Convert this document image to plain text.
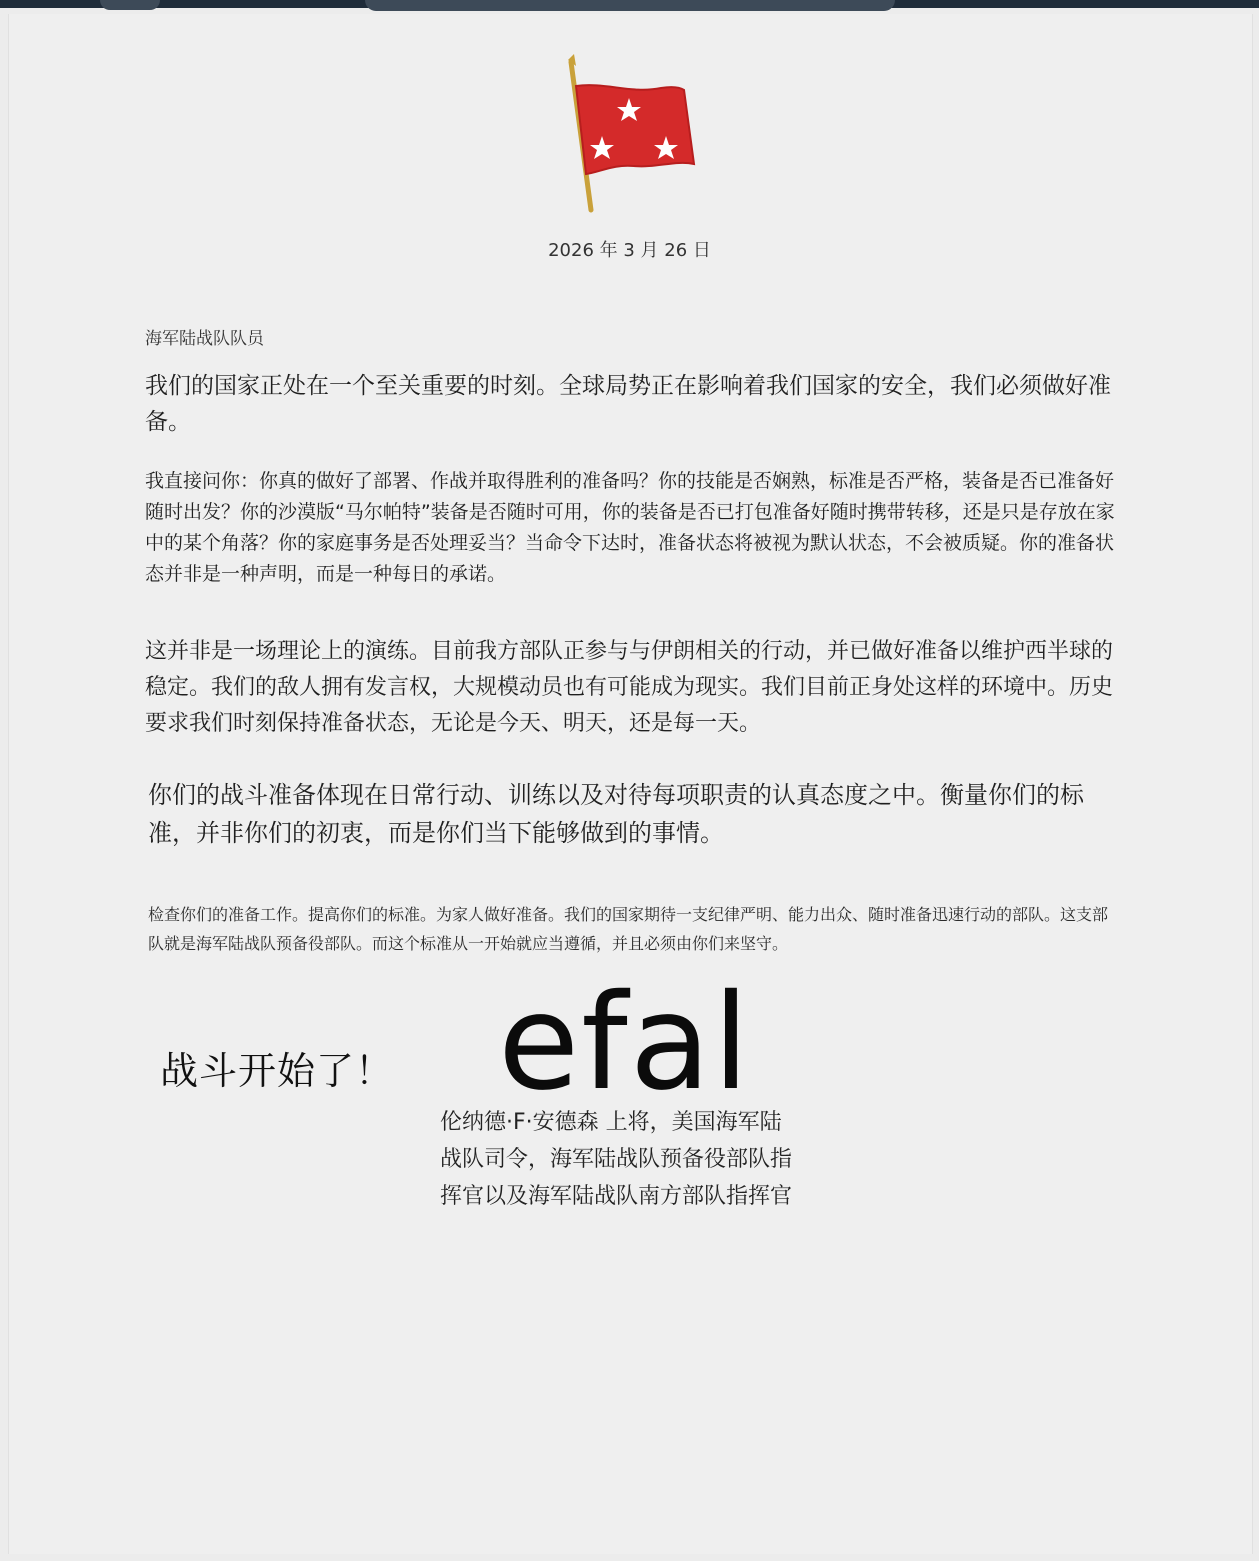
2026 年 3 月 26 日
海军陆战队队员

我们的国家正处在一个至关重要的时刻。全球局势正在影响着我们国家的安全，我们必须做好准备。

我直接问你：你真的做好了部署、作战并取得胜利的准备吗？你的技能是否娴熟，标准是否严格，装备是否已准备好随时出发？你的沙漠版“马尔帕特”装备是否随时可用，你的装备是否已打包准备好随时携带转移，还是只是存放在家中的某个角落？你的家庭事务是否处理妥当？当命令下达时，准备状态将被视为默认状态，不会被质疑。你的准备状态并非是一种声明，而是一种每日的承诺。

这并非是一场理论上的演练。目前我方部队正参与与伊朗相关的行动，并已做好准备以维护西半球的稳定。我们的敌人拥有发言权，大规模动员也有可能成为现实。我们目前正身处这样的环境中。历史要求我们时刻保持准备状态，无论是今天、明天，还是每一天。

你们的战斗准备体现在日常行动、训练以及对待每项职责的认真态度之中。衡量你们的标准，并非你们的初衷，而是你们当下能够做到的事情。

检查你们的准备工作。提高你们的标准。为家人做好准备。我们的国家期待一支纪律严明、能力出众、随时准备迅速行动的部队。这支部队就是海军陆战队预备役部队。而这个标准从一开始就应当遵循，并且必须由你们来坚守。

战斗开始了！ efal
伦纳德·F·安德森 上将，美国海军陆
战队司令，海军陆战队预备役部队指
挥官以及海军陆战队南方部队指挥官
